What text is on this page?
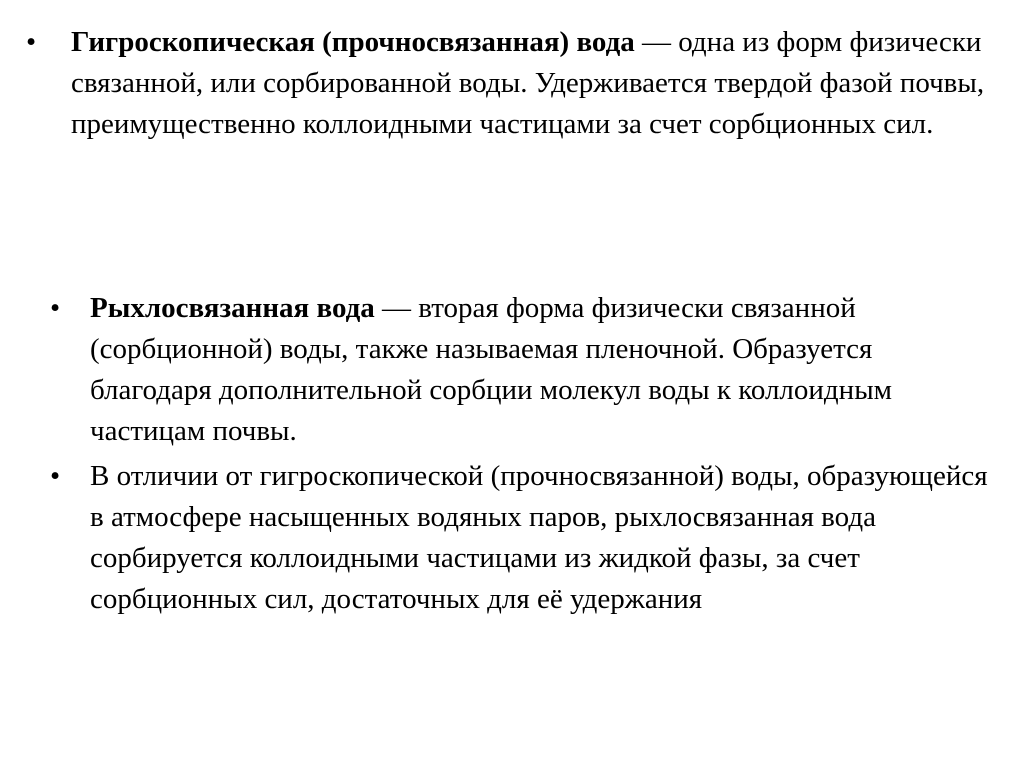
•	Гигроскопическая (прочносвязанная) вода — одна из форм физически связанной, или сорбированной воды. Удерживается твердой фазой почвы, преимущественно коллоидными частицами за счет сорбционных сил.
•	Рыхлосвязанная вода — вторая форма физически связанной (сорбционной) воды, также называемая пленочной. Образуется благодаря дополнительной сорбции молекул воды к коллоидным частицам почвы.
•	В отличии от гигроскопической (прочносвязанной) воды, образующейся в атмосфере насыщенных водяных паров, рыхлосвязанная вода сорбируется коллоидными частицами из жидкой фазы, за счет сорбционных сил, достаточных для её удержания
